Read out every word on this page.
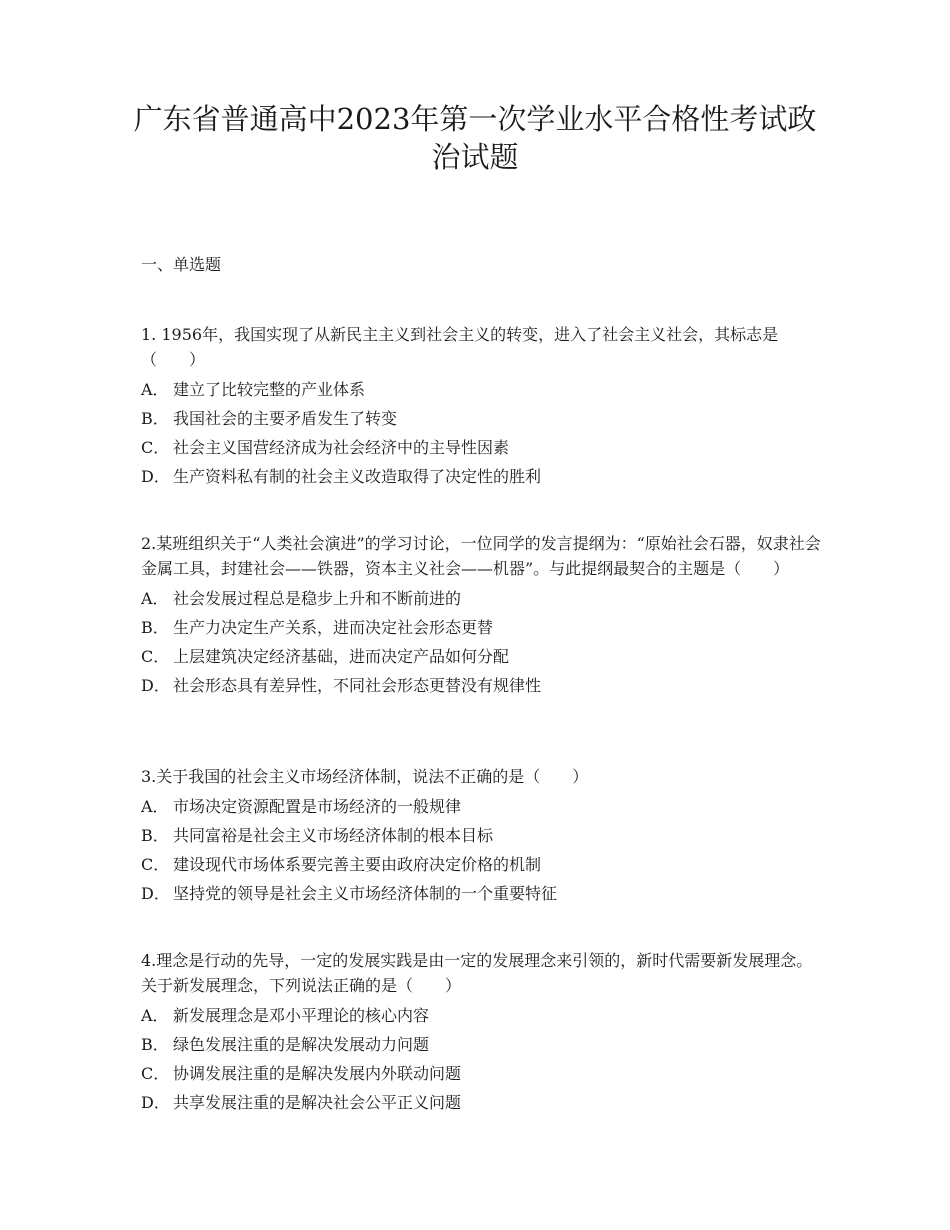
广东省普通高中2023年第一次学业水平合格性考试政治试题
一、单选题

1. 1956年，我国实现了从新民主主义到社会主义的转变，进入了社会主义社会，其标志是（　　）

A． 建立了比较完整的产业体系
B． 我国社会的主要矛盾发生了转变
C． 社会主义国营经济成为社会经济中的主导性因素
D． 生产资料私有制的社会主义改造取得了决定性的胜利

2.某班组织关于“人类社会演进”的学习讨论，一位同学的发言提纲为：“原始社会石器，奴隶社会金属工具，封建社会——铁器，资本主义社会——机器”。与此提纲最契合的主题是（　　）

A． 社会发展过程总是稳步上升和不断前进的
B． 生产力决定生产关系，进而决定社会形态更替
C． 上层建筑决定经济基础，进而决定产品如何分配
D． 社会形态具有差异性，不同社会形态更替没有规律性

3.关于我国的社会主义市场经济体制，说法不正确的是（　　）

A． 市场决定资源配置是市场经济的一般规律
B． 共同富裕是社会主义市场经济体制的根本目标
C． 建设现代市场体系要完善主要由政府决定价格的机制
D． 坚持党的领导是社会主义市场经济体制的一个重要特征

4.理念是行动的先导，一定的发展实践是由一定的发展理念来引领的，新时代需要新发展理念。关于新发展理念，下列说法正确的是（　　）

A． 新发展理念是邓小平理论的核心内容
B． 绿色发展注重的是解决发展动力问题
C． 协调发展注重的是解决发展内外联动问题
D． 共享发展注重的是解决社会公平正义问题
